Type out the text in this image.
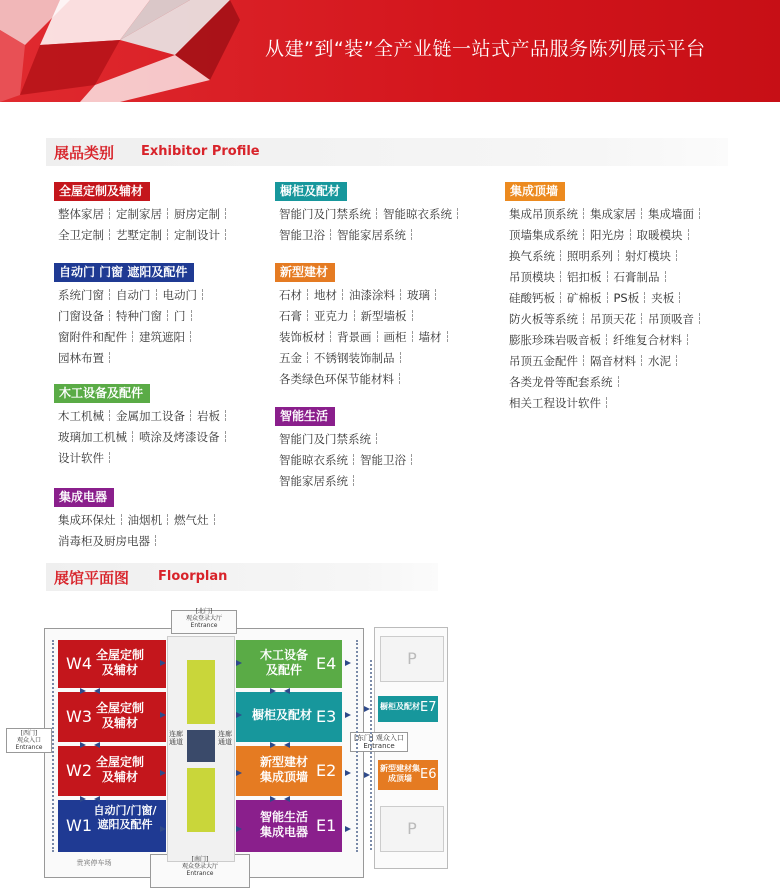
从建”到“装”全产业链一站式产品服务陈列展示平台
展品类别 Exhibitor Profile
全屋定制及辅材
整体家居 定制家居 厨房定制
全卫定制 艺墅定制 定制设计
自动门 门窗 遮阳及配件
系统门窗 自动门 电动门
门窗设备 特种门窗 门
窗附件和配件 建筑遮阳
园林布置
木工设备及配件
木工机械 金属加工设备 岩板
玻璃加工机械 喷涂及烤漆设备
设计软件
集成电器
集成环保灶 油烟机 燃气灶
消毒柜及厨房电器
橱柜及配材
智能门及门禁系统 智能晾衣系统
智能卫浴 智能家居系统
新型建材
石材 地材 油漆涂料 玻璃
石膏 亚克力 新型墙板
装饰板材 背景画 画柜 墙材
五金 不锈钢装饰制品
各类绿色环保节能材料
智能生活
智能门及门禁系统
智能晾衣系统 智能卫浴
智能家居系统
集成顶墙
集成吊顶系统 集成家居 集成墙面
顶墙集成系统 阳光房 取暖模块
换气系统 照明系列 射灯模块
吊顶模块 铝扣板 石膏制品
硅酸钙板 矿棉板 PS板 夹板
防火板等系统 吊顶天花 吊顶吸音
膨胀珍珠岩吸音板 纤维复合材料
吊顶五金配件 隔音材料 水泥
各类龙骨等配套系统
相关工程设计软件
展馆平面图 Floorplan
连廊通道
连廊通道
W4 全屋定制及辅材
W3 全屋定制及辅材
W2 全屋定制及辅材
W1
自动门/门窗/遮阳及配件
木工设备及配件 E4
橱柜及配材 E3
新型建材集成顶墙 E2
智能生活集成电器 E1
橱柜及配材 E7
新型建材集成顶墙 E6
P
P
[北门]
观众登录大厅
Entrance
[南门]
观众登录大厅
Entrance
[西门]
观众入口
Entrance
[东门] 观众入口
Entrance
贵宾停车场
